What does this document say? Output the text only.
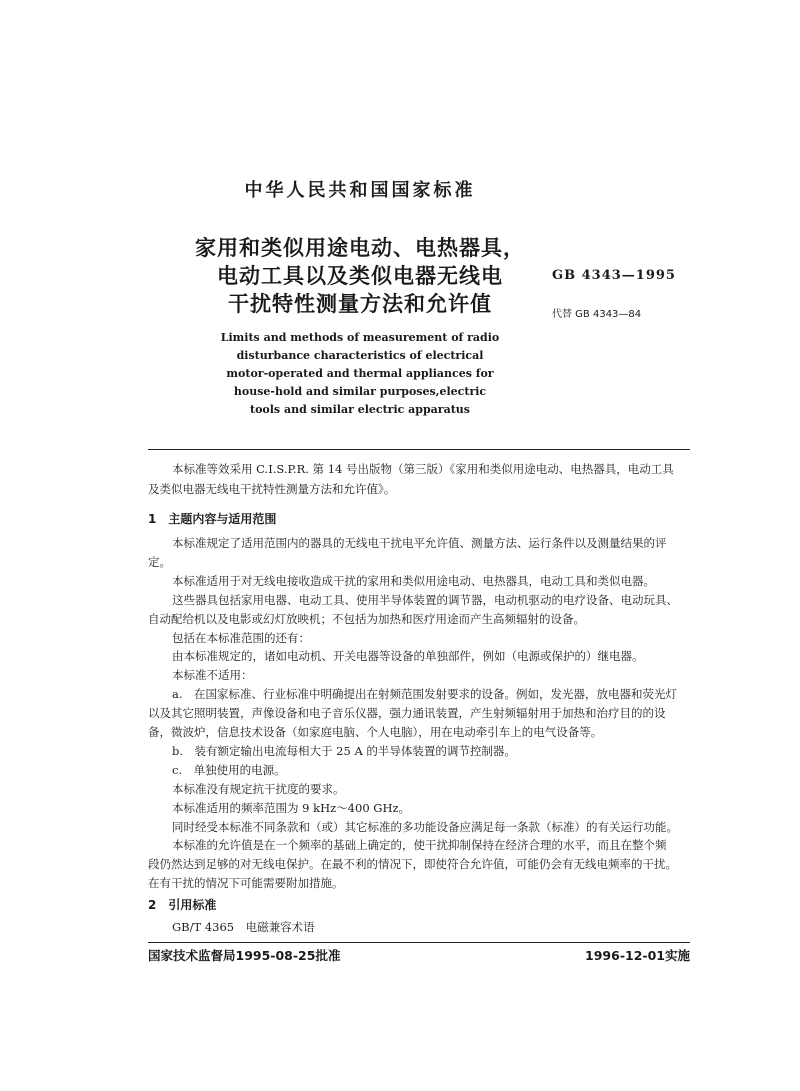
中华人民共和国国家标准
家用和类似用途电动、电热器具，
电动工具以及类似电器无线电
干扰特性测量方法和允许值
GB 4343—1995
代替 GB 4343—84
Limits and methods of measurement of radio
disturbance characteristics of electrical
motor-operated and thermal appliances for
house-hold and similar purposes,electric
tools and similar electric apparatus
本标准等效采用 C.I.S.P.R. 第 14 号出版物（第三版）《家用和类似用途电动、电热器具，电动工具
及类似电器无线电干扰特性测量方法和允许值》。
1 主题内容与适用范围
本标准规定了适用范围内的器具的无线电干扰电平允许值、测量方法、运行条件以及测量结果的评
定。
本标准适用于对无线电接收造成干扰的家用和类似用途电动、电热器具，电动工具和类似电器。
这些器具包括家用电器、电动工具、使用半导体装置的调节器，电动机驱动的电疗设备、电动玩具、
自动配给机以及电影或幻灯放映机；不包括为加热和医疗用途而产生高频辐射的设备。
包括在本标准范围的还有：
由本标准规定的，诸如电动机、开关电器等设备的单独部件，例如（电源或保护的）继电器。
本标准不适用：
a.　在国家标准、行业标准中明确提出在射频范围发射要求的设备。例如，发光器，放电器和荧光灯
以及其它照明装置，声像设备和电子音乐仪器，强力通讯装置，产生射频辐射用于加热和治疗目的的设
备，微波炉，信息技术设备（如家庭电脑、个人电脑），用在电动牵引车上的电气设备等。
b.　装有额定输出电流每相大于 25 A 的半导体装置的调节控制器。
c.　单独使用的电源。
本标准没有规定抗干扰度的要求。
本标准适用的频率范围为 9 kHz～400 GHz。
同时经受本标准不同条款和（或）其它标准的多功能设备应满足每一条款（标准）的有关运行功能。
本标准的允许值是在一个频率的基础上确定的，使干扰抑制保持在经济合理的水平，而且在整个频
段仍然达到足够的对无线电保护。在最不利的情况下，即使符合允许值，可能仍会有无线电频率的干扰。
在有干扰的情况下可能需要附加措施。
2 引用标准
GB/T 4365　电磁兼容术语
国家技术监督局1995-08-25批准	1996-12-01实施
